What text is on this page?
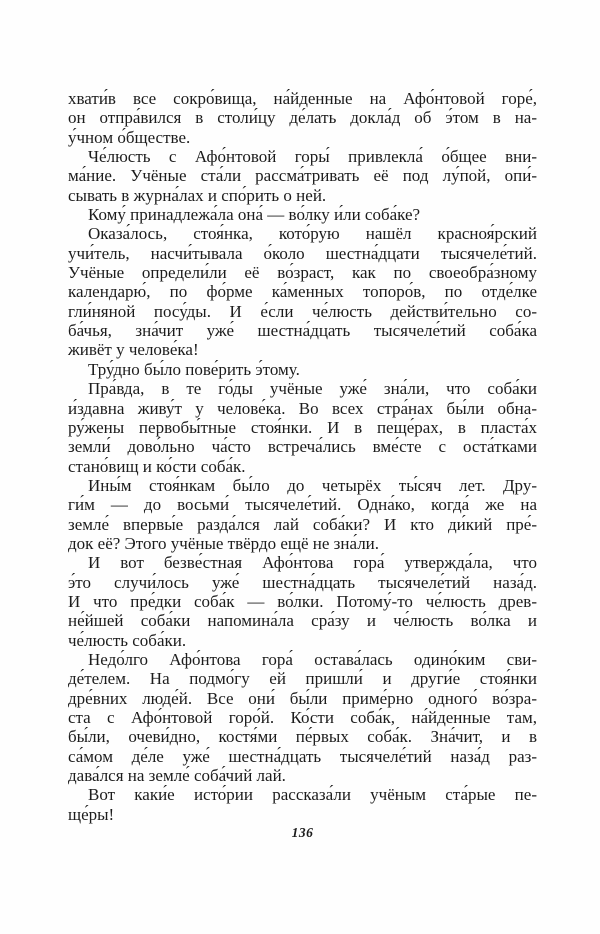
хвати́в все сокро́вища, на́йденные на Афо́нтовой горе́,
он отпра́вился в столи́цу де́лать докла́д об э́том в на-
у́чном о́бществе.
Че́люсть с Афо́нтовой горы́ привлекла́ о́бщее вни-
ма́ние. Учёные ста́ли рассма́тривать её под лу́пой, опи́-
сывать в журна́лах и спо́рить о ней.
Кому́ принадлежа́ла она́ — во́лку и́ли соба́ке?
Оказа́лось, стоя́нка, кото́рую нашёл красноя́рский
учи́тель, насчи́тывала о́коло шестна́дцати тысячеле́тий.
Учёные определи́ли её во́зраст, как по своеобра́зному
календарю́, по фо́рме ка́менных топоро́в, по отде́лке
гли́няной посу́ды. И е́сли че́люсть действи́тельно со-
ба́чья, зна́чит уже́ шестна́дцать тысячеле́тий соба́ка
живёт у челове́ка!
Тру́дно бы́ло пове́рить э́тому.
Пра́вда, в те го́ды учёные уже́ зна́ли, что соба́ки
и́здавна живу́т у челове́ка. Во всех стра́нах бы́ли обна-
ру́жены первобы́тные стоя́нки. И в пеще́рах, в пласта́х
земли́ дово́льно ча́сто встреча́лись вме́сте с оста́тками
стано́вищ и ко́сти соба́к.
Ины́м стоя́нкам бы́ло до четырёх ты́сяч лет. Дру-
ги́м — до восьми́ тысячеле́тий. Одна́ко, когда́ же на
земле́ впервы́е разда́лся лай соба́ки? И кто ди́кий пре́-
док её? Этого учёные твёрдо ещё не зна́ли.
И вот безве́стная Афо́нтова гора́ утвержда́ла, что
э́то случи́лось уже́ шестна́дцать тысячеле́тий наза́д.
И что пре́дки соба́к — во́лки. Потому́-то че́люсть древ-
не́йшей соба́ки напомина́ла сра́зу и че́люсть во́лка и
че́люсть соба́ки.
Недо́лго Афо́нтова гора́ остава́лась одино́ким сви-
де́телем. На подмо́гу ей пришли́ и други́е стоя́нки
дре́вних люде́й. Все они́ бы́ли приме́рно одного́ во́зра-
ста с Афо́нтовой горо́й. Ко́сти соба́к, на́йденные там,
бы́ли, очеви́дно, костя́ми пе́рвых соба́к. Зна́чит, и в
са́мом де́ле уже́ шестна́дцать тысячеле́тий наза́д раз-
дава́лся на земле́ соба́чий лай.
Вот каки́е исто́рии рассказа́ли учёным ста́рые пе-
ще́ры!
136
